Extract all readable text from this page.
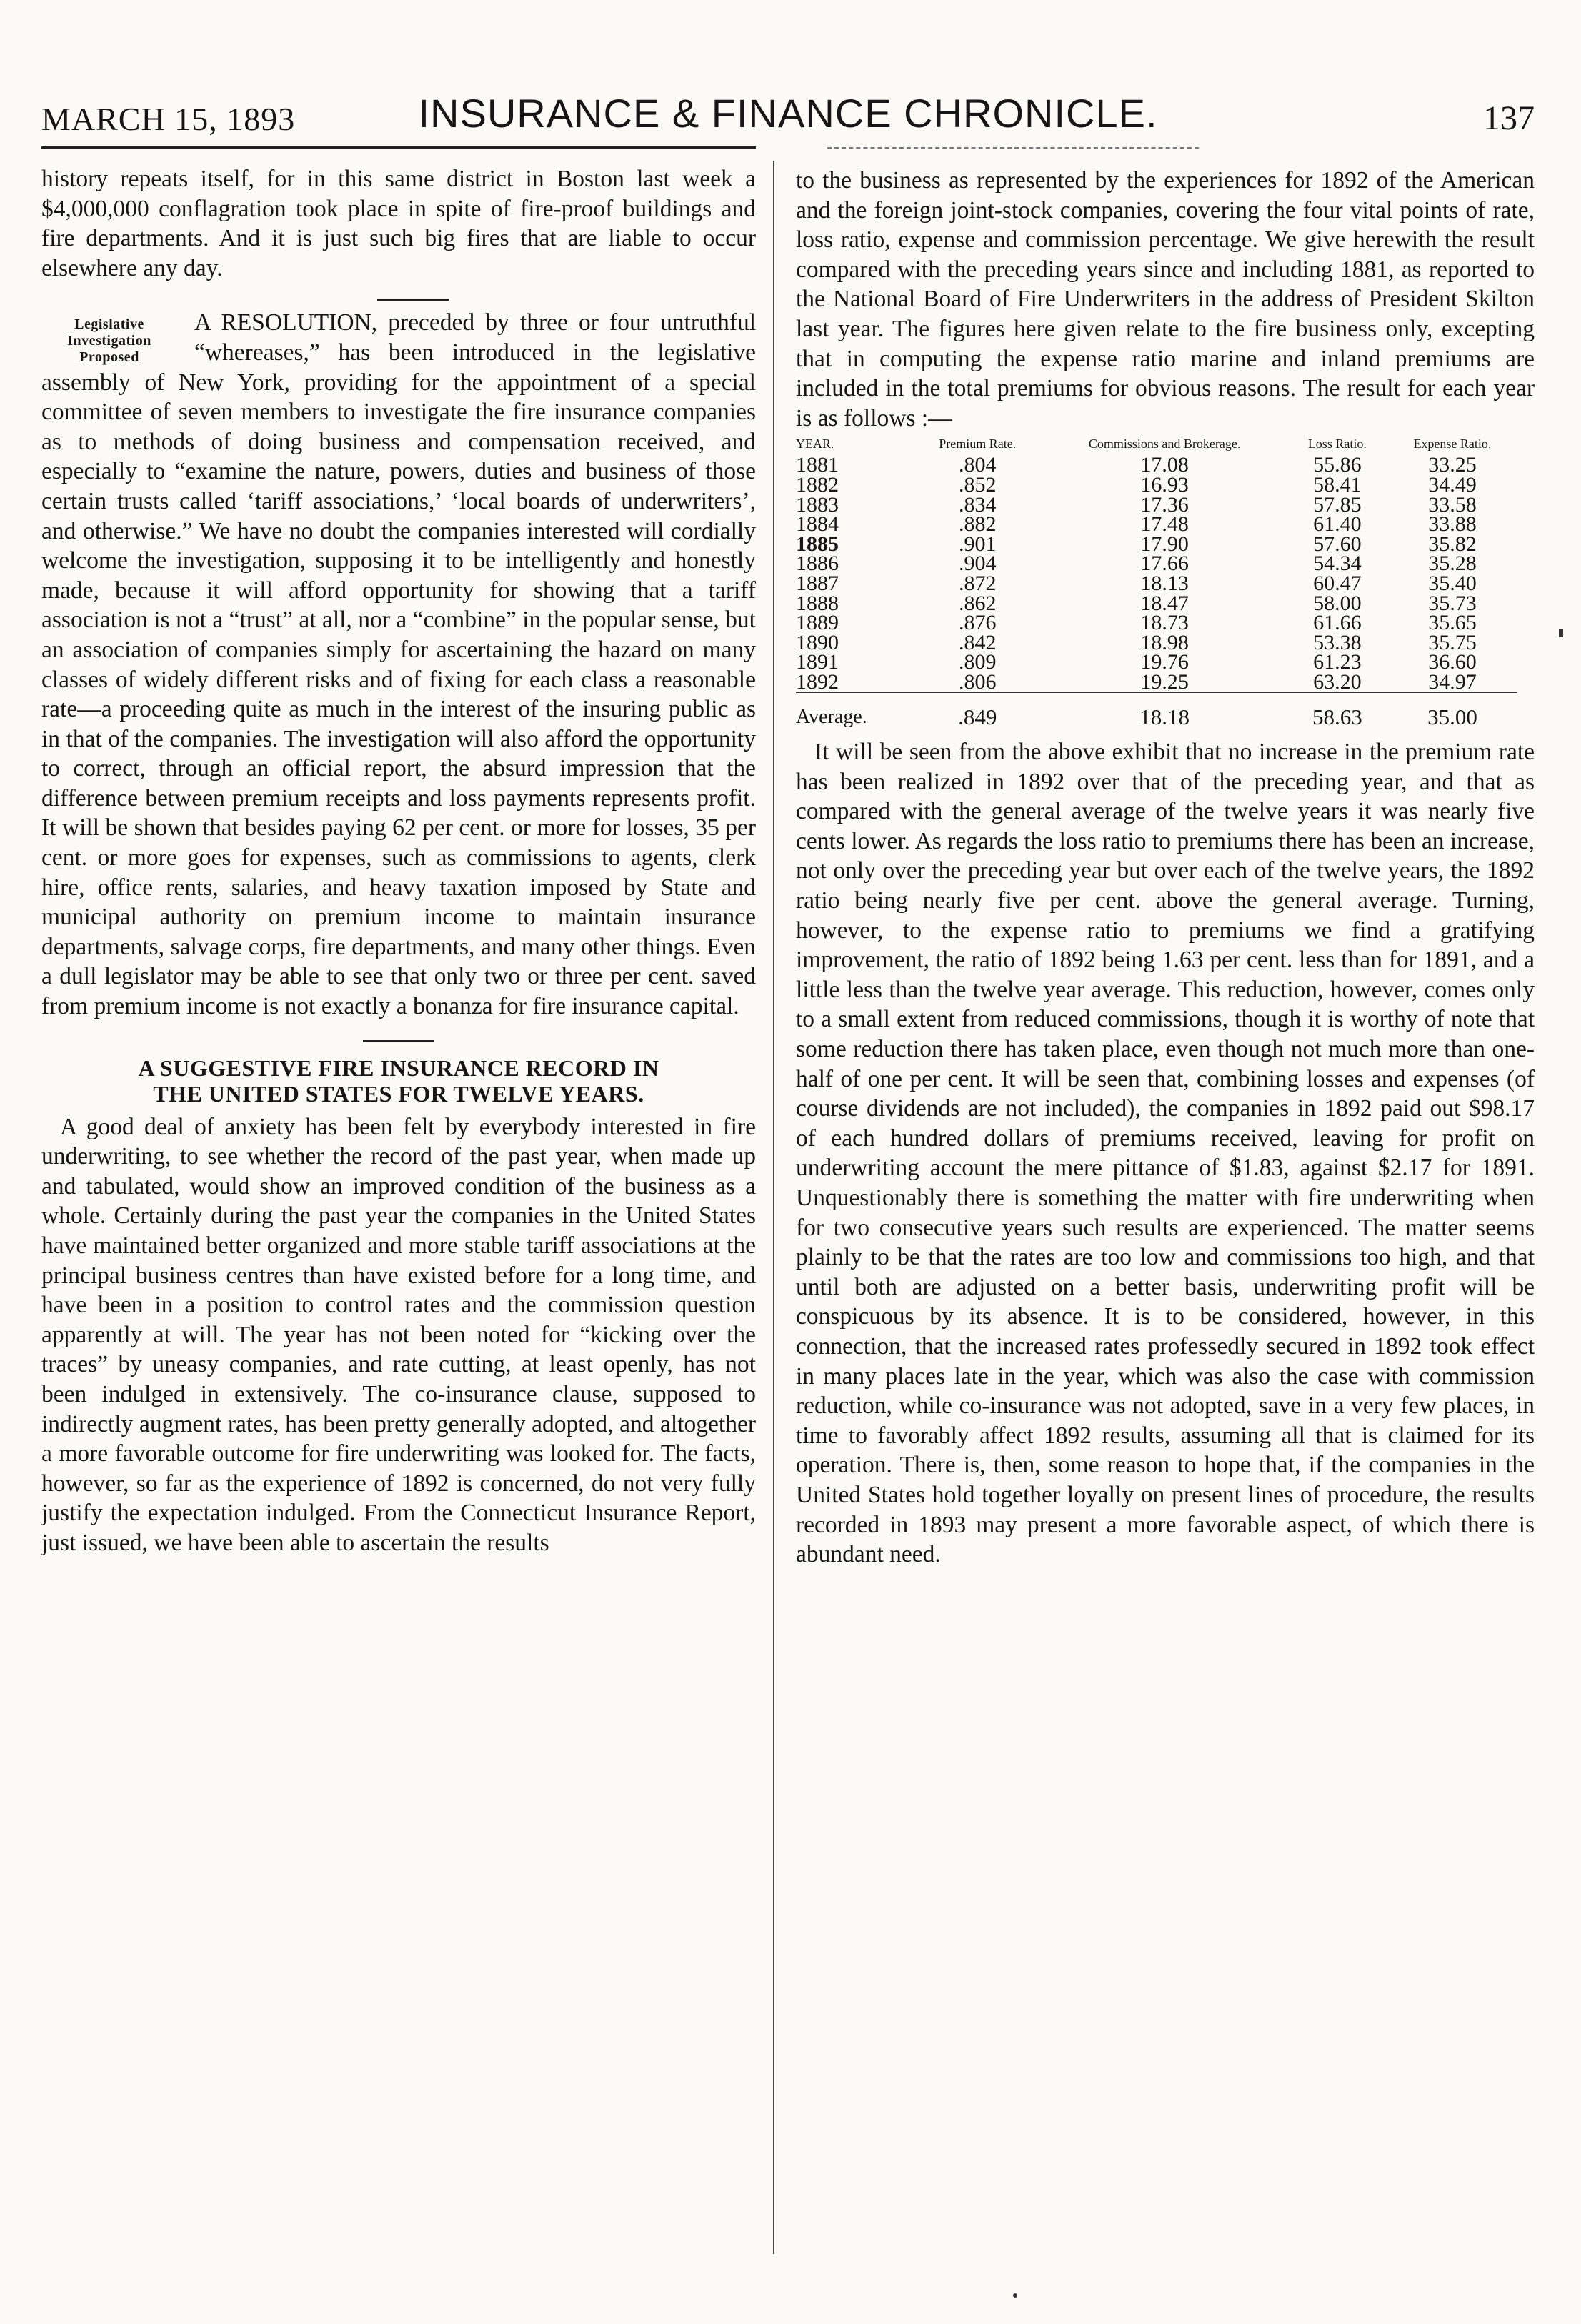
MARCH 15, 1893	INSURANCE & FINANCE CHRONICLE.	137

history repeats itself, for in this same district in Boston last week a $4,000,000 conflagration took place in spite of fire-proof buildings and fire departments. And it is just such big fires that are liable to occur elsewhere any day.

Legislative
Investigation
Proposed

A RESOLUTION, preceded by three or four untruthful “whereases,” has been introduced in the legislative assembly of New York, providing for the appointment of a special committee of seven members to investigate the fire insurance companies as to methods of doing business and compensation received, and especially to “examine the nature, powers, duties and business of those certain trusts called ‘tariff associations,’ ‘local boards of underwriters’, and otherwise.” We have no doubt the companies interested will cordially welcome the investigation, supposing it to be intelligently and honestly made, because it will afford opportunity for showing that a tariff association is not a “trust” at all, nor a “combine” in the popular sense, but an association of companies simply for ascertaining the hazard on many classes of widely different risks and of fixing for each class a reasonable rate—a proceeding quite as much in the interest of the insuring public as in that of the companies. The investigation will also afford the opportunity to correct, through an official report, the absurd impression that the difference between premium receipts and loss payments represents profit. It will be shown that besides paying 62 per cent. or more for losses, 35 per cent. or more goes for expenses, such as commissions to agents, clerk hire, office rents, salaries, and heavy taxation imposed by State and municipal authority on premium income to maintain insurance departments, salvage corps, fire departments, and many other things. Even a dull legislator may be able to see that only two or three per cent. saved from premium income is not exactly a bonanza for fire insurance capital.

A SUGGESTIVE FIRE INSURANCE RECORD IN
THE UNITED STATES FOR TWELVE YEARS.

A good deal of anxiety has been felt by everybody interested in fire underwriting, to see whether the record of the past year, when made up and tabulated, would show an improved condition of the business as a whole. Certainly during the past year the companies in the United States have maintained better organized and more stable tariff associations at the principal business centres than have existed before for a long time, and have been in a position to control rates and the commission question apparently at will. The year has not been noted for “kicking over the traces” by uneasy companies, and rate cutting, at least openly, has not been indulged in extensively. The co-insurance clause, supposed to indirectly augment rates, has been pretty generally adopted, and altogether a more favorable outcome for fire underwriting was looked for. The facts, however, so far as the experience of 1892 is concerned, do not very fully justify the expectation indulged. From the Connecticut Insurance Report, just issued, we have been able to ascertain the results

to the business as represented by the experiences for 1892 of the American and the foreign joint-stock companies, covering the four vital points of rate, loss ratio, expense and commission percentage. We give herewith the result compared with the preceding years since and including 1881, as reported to the National Board of Fire Underwriters in the address of President Skilton last year. The figures here given relate to the fire business only, excepting that in computing the expense ratio marine and inland premiums are included in the total premiums for obvious reasons. The result for each year is as follows :—

YEAR.	Premium Rate.	Commissions and Brokerage.	Loss Ratio.	Expense Ratio.
1881	.804	17.08	55.86	33.25
1882	.852	16.93	58.41	34.49
1883	.834	17.36	57.85	33.58
1884	.882	17.48	61.40	33.88
1885	.901	17.90	57.60	35.82
1886	.904	17.66	54.34	35.28
1887	.872	18.13	60.47	35.40
1888	.862	18.47	58.00	35.73
1889	.876	18.73	61.66	35.65
1890	.842	18.98	53.38	35.75
1891	.809	19.76	61.23	36.60
1892	.806	19.25	63.20	34.97
Average.	.849	18.18	58.63	35.00

It will be seen from the above exhibit that no increase in the premium rate has been realized in 1892 over that of the preceding year, and that as compared with the general average of the twelve years it was nearly five cents lower. As regards the loss ratio to premiums there has been an increase, not only over the preceding year but over each of the twelve years, the 1892 ratio being nearly five per cent. above the general average. Turning, however, to the expense ratio to premiums we find a gratifying improvement, the ratio of 1892 being 1.63 per cent. less than for 1891, and a little less than the twelve year average. This reduction, however, comes only to a small extent from reduced commissions, though it is worthy of note that some reduction there has taken place, even though not much more than one-half of one per cent. It will be seen that, combining losses and expenses (of course dividends are not included), the companies in 1892 paid out $98.17 of each hundred dollars of premiums received, leaving for profit on underwriting account the mere pittance of $1.83, against $2.17 for 1891. Unquestionably there is something the matter with fire underwriting when for two consecutive years such results are experienced. The matter seems plainly to be that the rates are too low and commissions too high, and that until both are adjusted on a better basis, underwriting profit will be conspicuous by its absence. It is to be considered, however, in this connection, that the increased rates professedly secured in 1892 took effect in many places late in the year, which was also the case with commission reduction, while co-insurance was not adopted, save in a very few places, in time to favorably affect 1892 results, assuming all that is claimed for its operation. There is, then, some reason to hope that, if the companies in the United States hold together loyally on present lines of procedure, the results recorded in 1893 may present a more favorable aspect, of which there is abundant need.
